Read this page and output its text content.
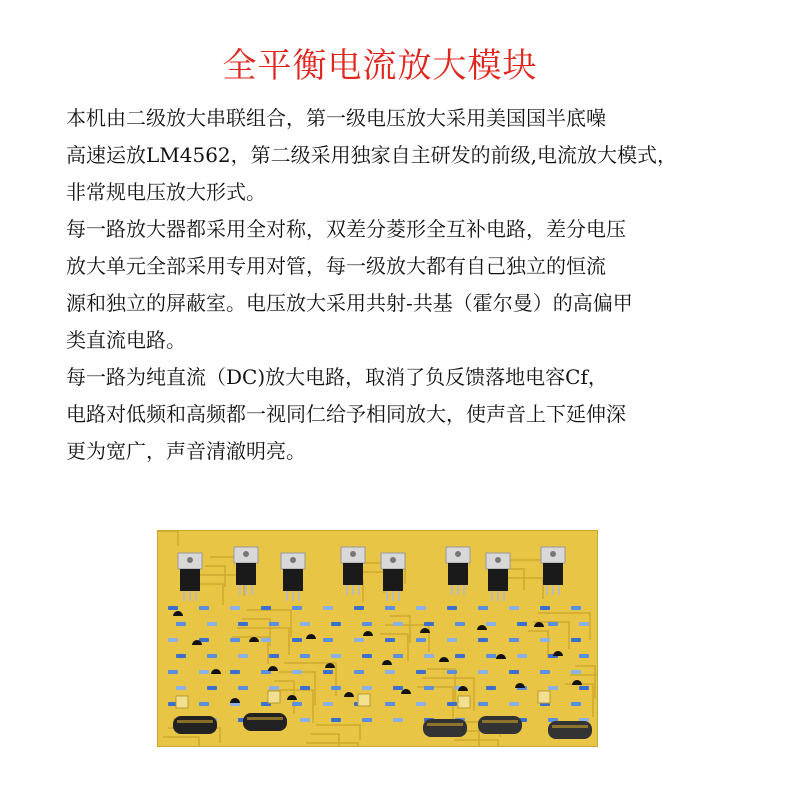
全平衡电流放大模块
本机由二级放大串联组合，第一级电压放大采用美国国半底噪
高速运放LM4562，第二级采用独家自主研发的前级,电流放大模式，
非常规电压放大形式。
每一路放大器都采用全对称，双差分菱形全互补电路，差分电压
放大单元全部采用专用对管，每一级放大都有自己独立的恒流
源和独立的屏蔽室。电压放大采用共射-共基（霍尔曼）的高偏甲
类直流电路。
每一路为纯直流（DC)放大电路，取消了负反馈落地电容Cf，
电路对低频和高频都一视同仁给予相同放大，使声音上下延伸深
更为宽广，声音清澈明亮。
